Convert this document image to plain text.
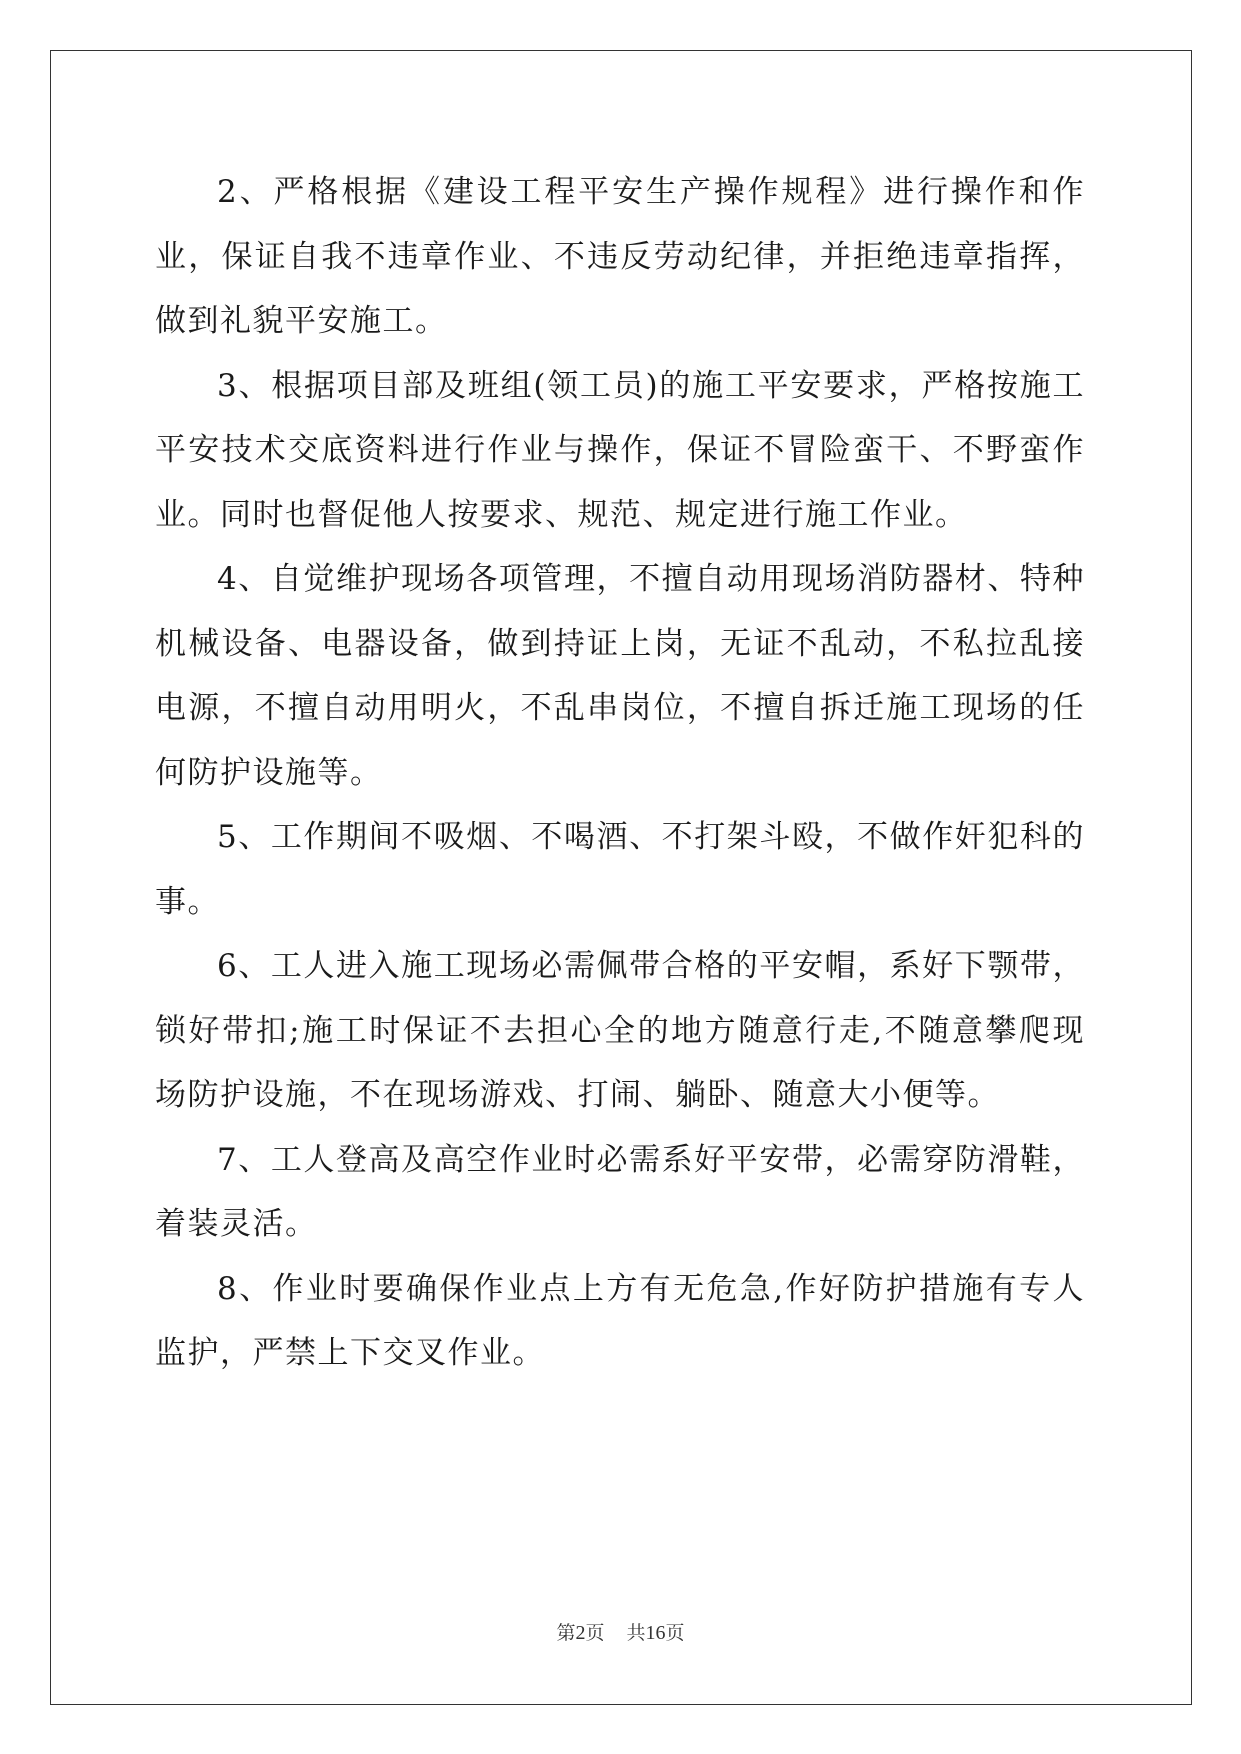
2、严格根据《建设工程平安生产操作规程》进行操作和作业，保证自我不违章作业、不违反劳动纪律，并拒绝违章指挥，做到礼貌平安施工。

3、根据项目部及班组(领工员)的施工平安要求，严格按施工平安技术交底资料进行作业与操作，保证不冒险蛮干、不野蛮作业。同时也督促他人按要求、规范、规定进行施工作业。

4、自觉维护现场各项管理，不擅自动用现场消防器材、特种机械设备、电器设备，做到持证上岗，无证不乱动，不私拉乱接电源，不擅自动用明火，不乱串岗位，不擅自拆迁施工现场的任何防护设施等。

5、工作期间不吸烟、不喝酒、不打架斗殴，不做作奸犯科的事。

6、工人进入施工现场必需佩带合格的平安帽，系好下颚带，锁好带扣;施工时保证不去担心全的地方随意行走,不随意攀爬现场防护设施，不在现场游戏、打闹、躺卧、随意大小便等。

7、工人登高及高空作业时必需系好平安带，必需穿防滑鞋，着装灵活。

8、作业时要确保作业点上方有无危急,作好防护措施有专人监护，严禁上下交叉作业。

第2页 共16页
